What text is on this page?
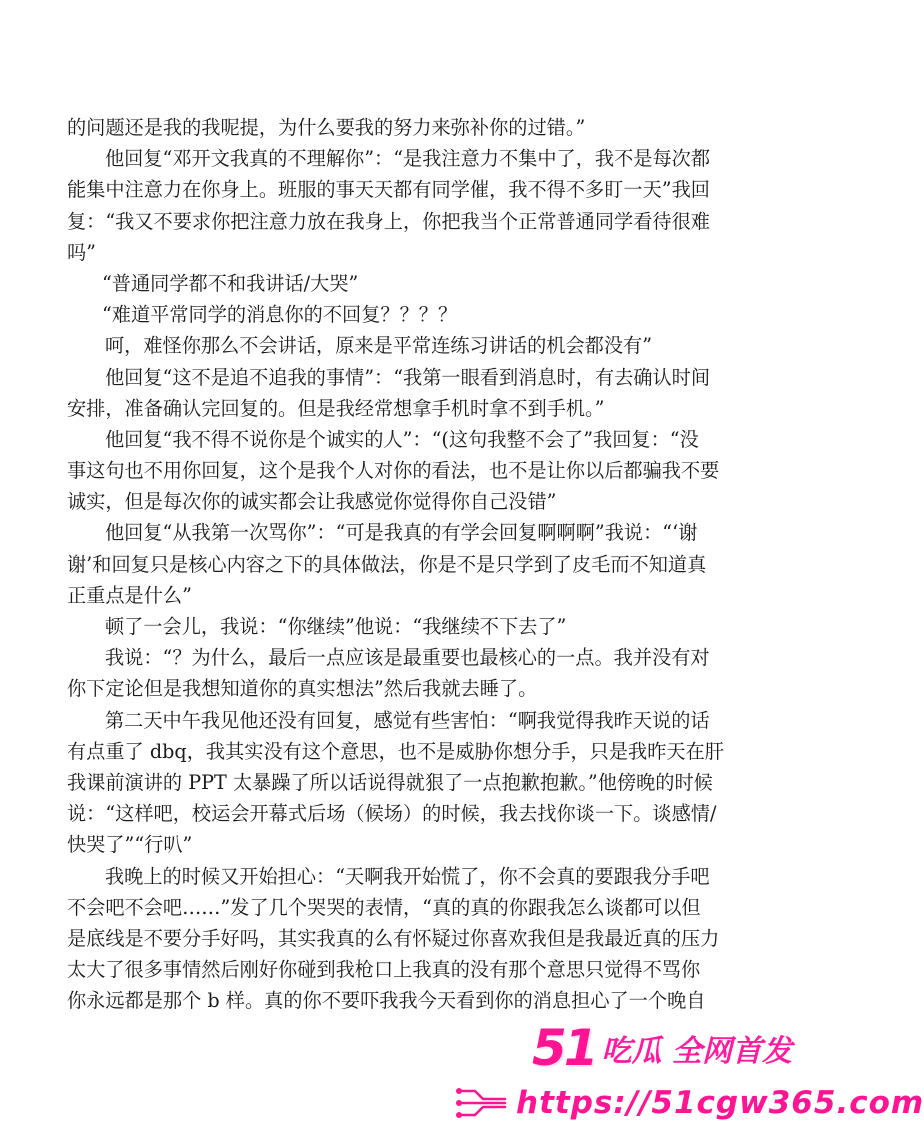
的问题还是我的我呢提，为什么要我的努力来弥补你的过错。”
他回复“邓开文我真的不理解你”：“是我注意力不集中了，我不是每次都
能集中注意力在你身上。班服的事天天都有同学催，我不得不多盯一天”我回
复：“我又不要求你把注意力放在我身上，你把我当个正常普通同学看待很难
吗”
“普通同学都不和我讲话/大哭”
“难道平常同学的消息你的不回复？？？？
呵，难怪你那么不会讲话，原来是平常连练习讲话的机会都没有”
他回复“这不是追不追我的事情”：“我第一眼看到消息时，有去确认时间
安排，准备确认完回复的。但是我经常想拿手机时拿不到手机。”
他回复“我不得不说你是个诚实的人”：“(这句我整不会了”我回复：“没
事这句也不用你回复，这个是我个人对你的看法，也不是让你以后都骗我不要
诚实，但是每次你的诚实都会让我感觉你觉得你自己没错”
他回复“从我第一次骂你”：“可是我真的有学会回复啊啊啊”我说：“‘谢
谢’和回复只是核心内容之下的具体做法，你是不是只学到了皮毛而不知道真
正重点是什么”
顿了一会儿，我说：“你继续”他说：“我继续不下去了”
我说：“？为什么，最后一点应该是最重要也最核心的一点。我并没有对
你下定论但是我想知道你的真实想法”然后我就去睡了。
第二天中午我见他还没有回复，感觉有些害怕：“啊我觉得我昨天说的话
有点重了 dbq，我其实没有这个意思，也不是威胁你想分手，只是我昨天在肝
我课前演讲的 PPT 太暴躁了所以话说得就狠了一点抱歉抱歉。”他傍晚的时候
说：“这样吧，校运会开幕式后场（候场）的时候，我去找你谈一下。谈感情/
快哭了”“行叭”
我晚上的时候又开始担心：“天啊我开始慌了，你不会真的要跟我分手吧
不会吧不会吧……”发了几个哭哭的表情，“真的真的你跟我怎么谈都可以但
是底线是不要分手好吗，其实我真的么有怀疑过你喜欢我但是我最近真的压力
太大了很多事情然后刚好你碰到我枪口上我真的没有那个意思只觉得不骂你
你永远都是那个 b 样。真的你不要吓我我今天看到你的消息担心了一个晚自
51 吃瓜 全网首发
https://51cgw365.com
